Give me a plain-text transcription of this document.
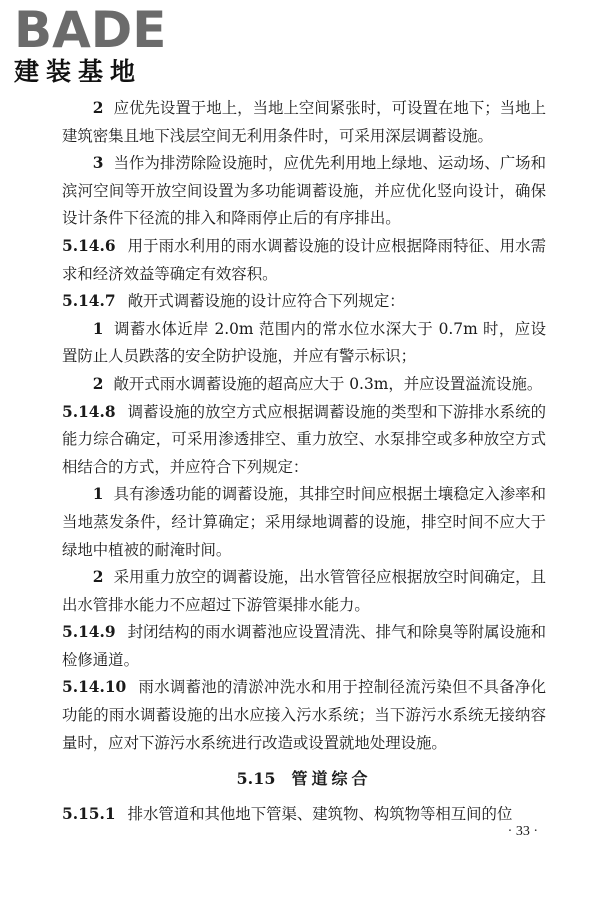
BADE
建装基地

2 应优先设置于地上，当地上空间紧张时，可设置在地下；当地上建筑密集且地下浅层空间无利用条件时，可采用深层调蓄设施。

3 当作为排涝除险设施时，应优先利用地上绿地、运动场、广场和滨河空间等开放空间设置为多功能调蓄设施，并应优化竖向设计，确保设计条件下径流的排入和降雨停止后的有序排出。

5.14.6 用于雨水利用的雨水调蓄设施的设计应根据降雨特征、用水需求和经济效益等确定有效容积。

5.14.7 敞开式调蓄设施的设计应符合下列规定：

1 调蓄水体近岸 2.0m 范围内的常水位水深大于 0.7m 时，应设置防止人员跌落的安全防护设施，并应有警示标识；

2 敞开式雨水调蓄设施的超高应大于 0.3m，并应设置溢流设施。

5.14.8 调蓄设施的放空方式应根据调蓄设施的类型和下游排水系统的能力综合确定，可采用渗透排空、重力放空、水泵排空或多种放空方式相结合的方式，并应符合下列规定：

1 具有渗透功能的调蓄设施，其排空时间应根据土壤稳定入渗率和当地蒸发条件，经计算确定；采用绿地调蓄的设施，排空时间不应大于绿地中植被的耐淹时间。

2 采用重力放空的调蓄设施，出水管管径应根据放空时间确定，且出水管排水能力不应超过下游管渠排水能力。

5.14.9 封闭结构的雨水调蓄池应设置清洗、排气和除臭等附属设施和检修通道。

5.14.10 雨水调蓄池的清淤冲洗水和用于控制径流污染但不具备净化功能的雨水调蓄设施的出水应接入污水系统；当下游污水系统无接纳容量时，应对下游污水系统进行改造或设置就地处理设施。

5.15 管道综合

5.15.1 排水管道和其他地下管渠、建筑物、构筑物等相互间的位

· 33 ·
